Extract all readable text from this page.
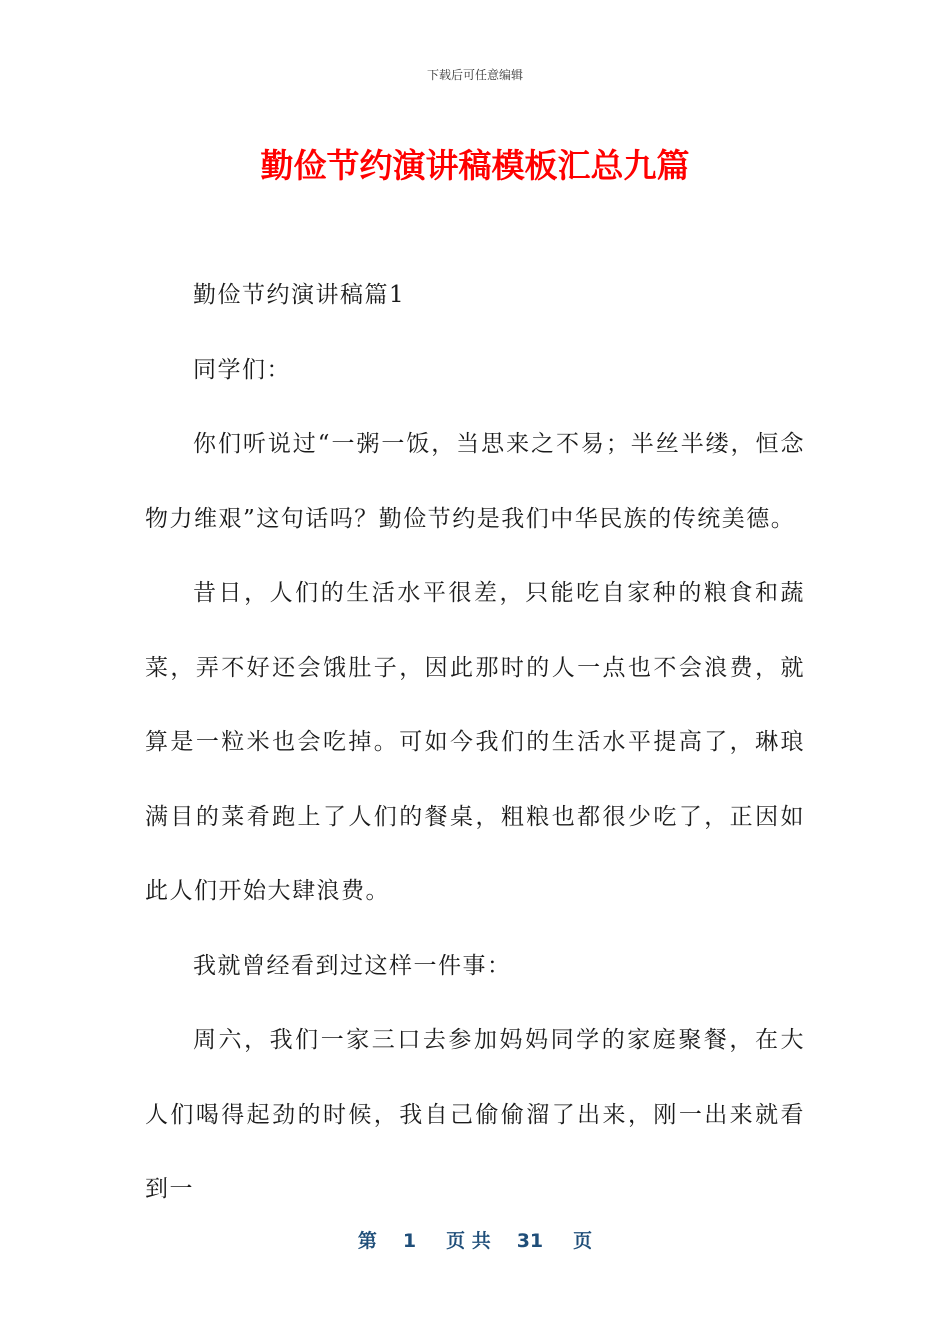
下载后可任意编辑
勤俭节约演讲稿模板汇总九篇

勤俭节约演讲稿篇1

同学们：

你们听说过“一粥一饭，当思来之不易；半丝半缕，恒念物力维艰”这句话吗？勤俭节约是我们中华民族的传统美德。

昔日，人们的生活水平很差，只能吃自家种的粮食和蔬菜，弄不好还会饿肚子，因此那时的人一点也不会浪费，就算是一粒米也会吃掉。可如今我们的生活水平提高了，琳琅满目的菜肴跑上了人们的餐桌，粗粮也都很少吃了，正因如此人们开始大肆浪费。

我就曾经看到过这样一件事：

周六，我们一家三口去参加妈妈同学的家庭聚餐，在大人们喝得起劲的时候，我自己偷偷溜了出来，刚一出来就看到一

第 1 页 共 31 页
